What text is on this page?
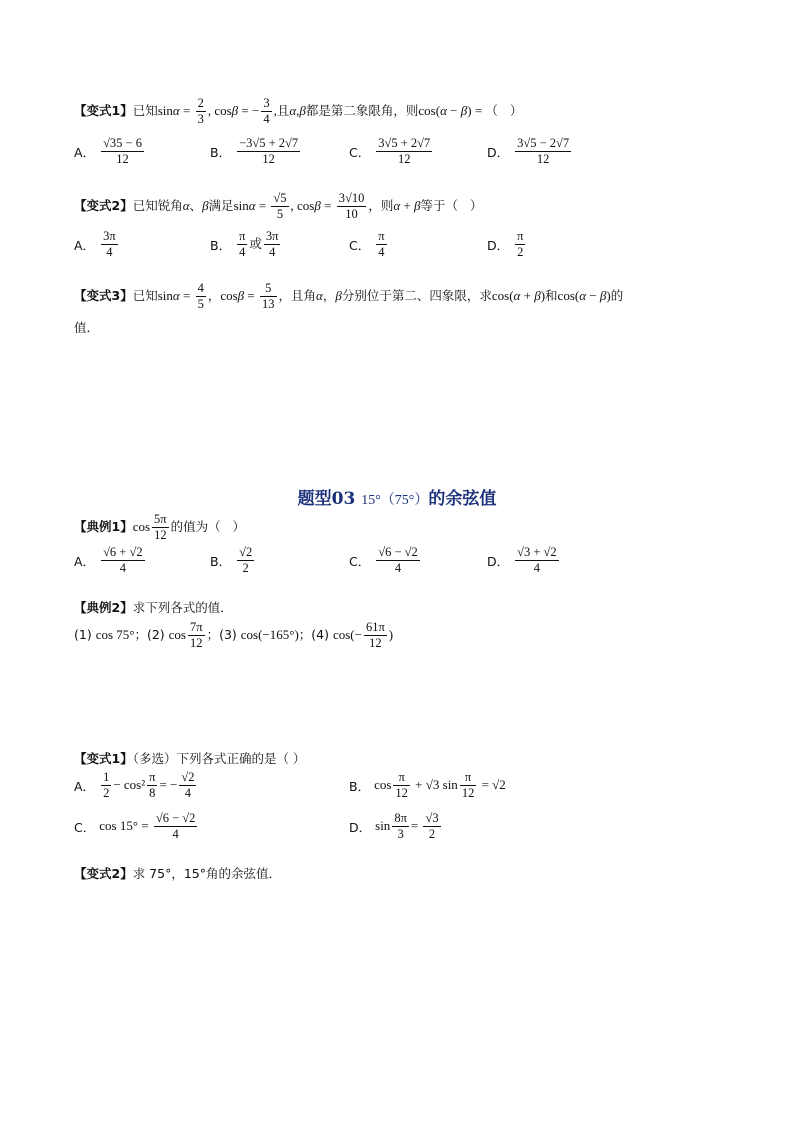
【变式1】已知$\sin\alpha = \frac{2}{3}$ , cosβ = − $\frac{3}{4}$ ,且α,β都是第二象限角，则cos(α − β) = （   ）
A． $\frac{√35 - 6}{12}$	B． $\frac{-3√5 + 2√7}{12}$	C． $\frac{3√5 + 2√7}{12}$	D． $\frac{3√5 - 2√7}{12}$
【变式2】已知锐角α、β满足$\sin\alpha = \frac{√5}{5}$ , $\cos\beta = \frac{3√10}{10}$ ，则α + β等于（   ）
A． $\frac{3\pi}{4}$	B． $\frac{\pi}{4}$ 或 $\frac{3\pi}{4}$	C． $\frac{\pi}{4}$	D． $\frac{\pi}{2}$
【变式3】已知$\sin\alpha = \frac{4}{5}$ ，$\cos\beta = \frac{5}{13}$ ，且角α，β分别位于第二、四象限，求cos(α + β)和cos(α − β)的
值．
题型03 15°（75°）的余弦值
【典例1】$\cos \frac{5\pi}{12}$ 的值为（   ）
A． $\frac{√6 + √2}{4}$	B． $\frac{√2}{2}$	C． $\frac{√6 - √2}{4}$	D． $\frac{√3 + √2}{4}$
【典例2】求下列各式的值．
(1) cos 75°；(2) $\cos \frac{7\pi}{12}$ ；(3) cos(−165°)；(4) $\cos(- \frac{61\pi}{12}$ )
【变式1】（多选）下列各式正确的是（ ）
A． $\frac{1}{2} - \cos^2 \frac{\pi}{8}$ = − $\frac{√2}{4}$	B． $\cos \frac{\pi}{12} + √3$ $\sin \frac{\pi}{12} = √2$
C． $\cos 15^\circ = \frac{√6 - √2}{4}$	D． $\sin \frac{8\pi}{3} = \frac{√3}{2}$
【变式2】求 75°，15°角的余弦值．
